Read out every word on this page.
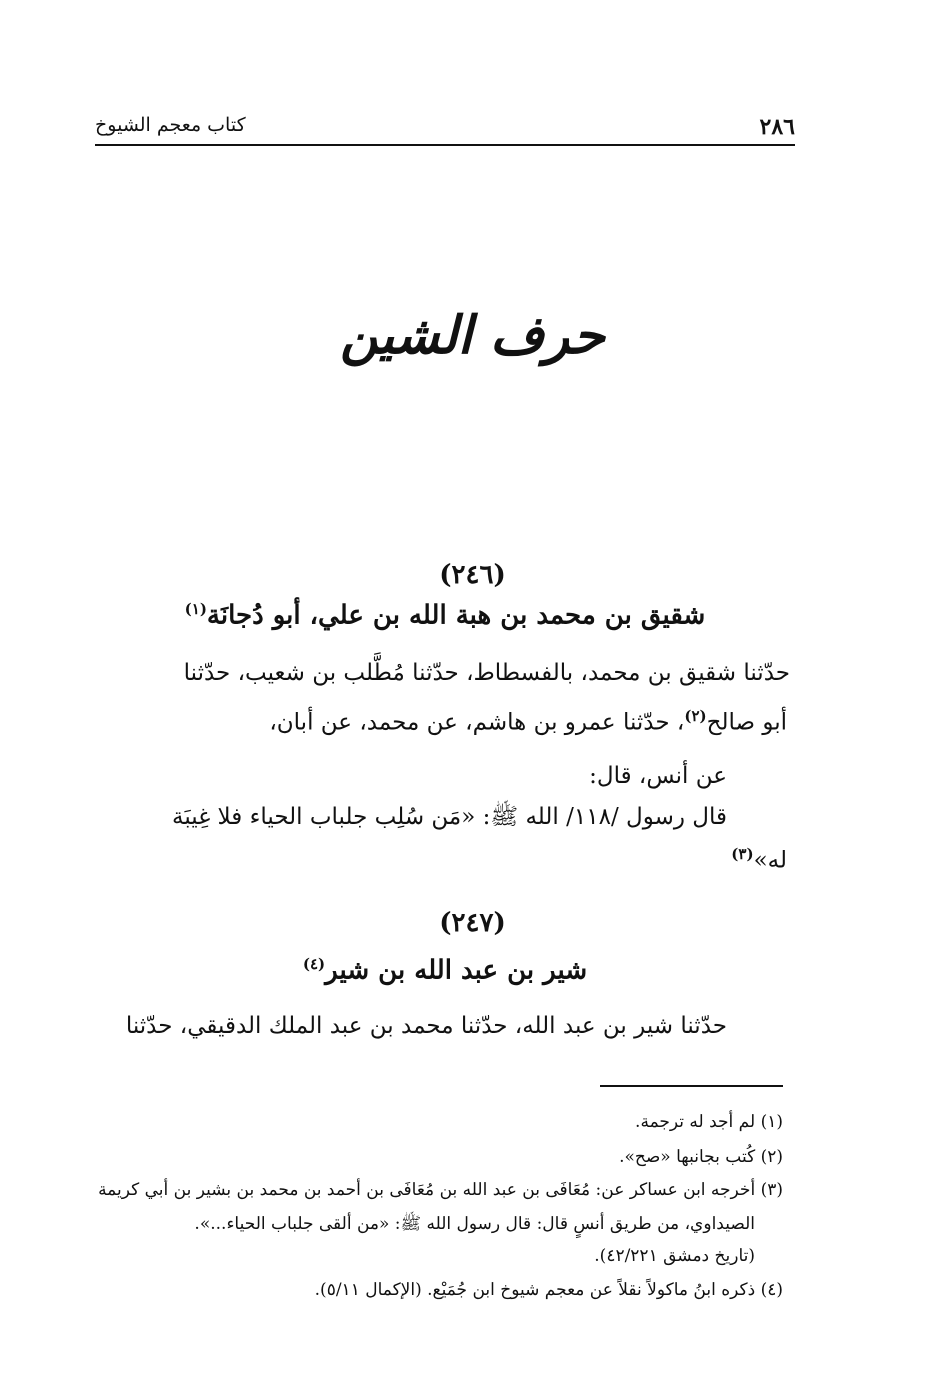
٢٨٦
كتاب معجم الشيوخ
حرف الشين
(٢٤٦)
شقيق بن محمد بن هبة الله بن علي، أبو دُجانَة$^{(١)}$
حدّثنا شقيق بن محمد، بالفسطاط، حدّثنا مُطَّلب بن شعيب، حدّثنا
أبو صالح$^{(٢)}$، حدّثنا عمرو بن هاشم، عن محمد، عن أبان،
عن أنس، قال:
قال رسول /١١٨/ الله ﷺ: «مَن سُلِب جلباب الحياء فلا غِيبَة
له»$^{(٣)}$
(٢٤٧)
شير بن عبد الله بن شير$^{(٤)}$
حدّثنا شير بن عبد الله، حدّثنا محمد بن عبد الملك الدقيقي، حدّثنا
(١) لم أجد له ترجمة.
(٢) كُتب بجانبها «صح».
(٣) أخرجه ابن عساكر عن: مُعَافَى بن عبد الله بن مُعَافَى بن أحمد بن محمد بن بشير بن أبي كريمة
الصيداوي، من طريق أنسٍ قال: قال رسول الله ﷺ: «من ألقى جلباب الحياء...».
(تاريخ دمشق ٤٢/٢٢١).
(٤) ذكره ابنُ ماكولاً نقلاً عن معجم شيوخ ابن جُمَيْع. (الإكمال ٥/١١).
